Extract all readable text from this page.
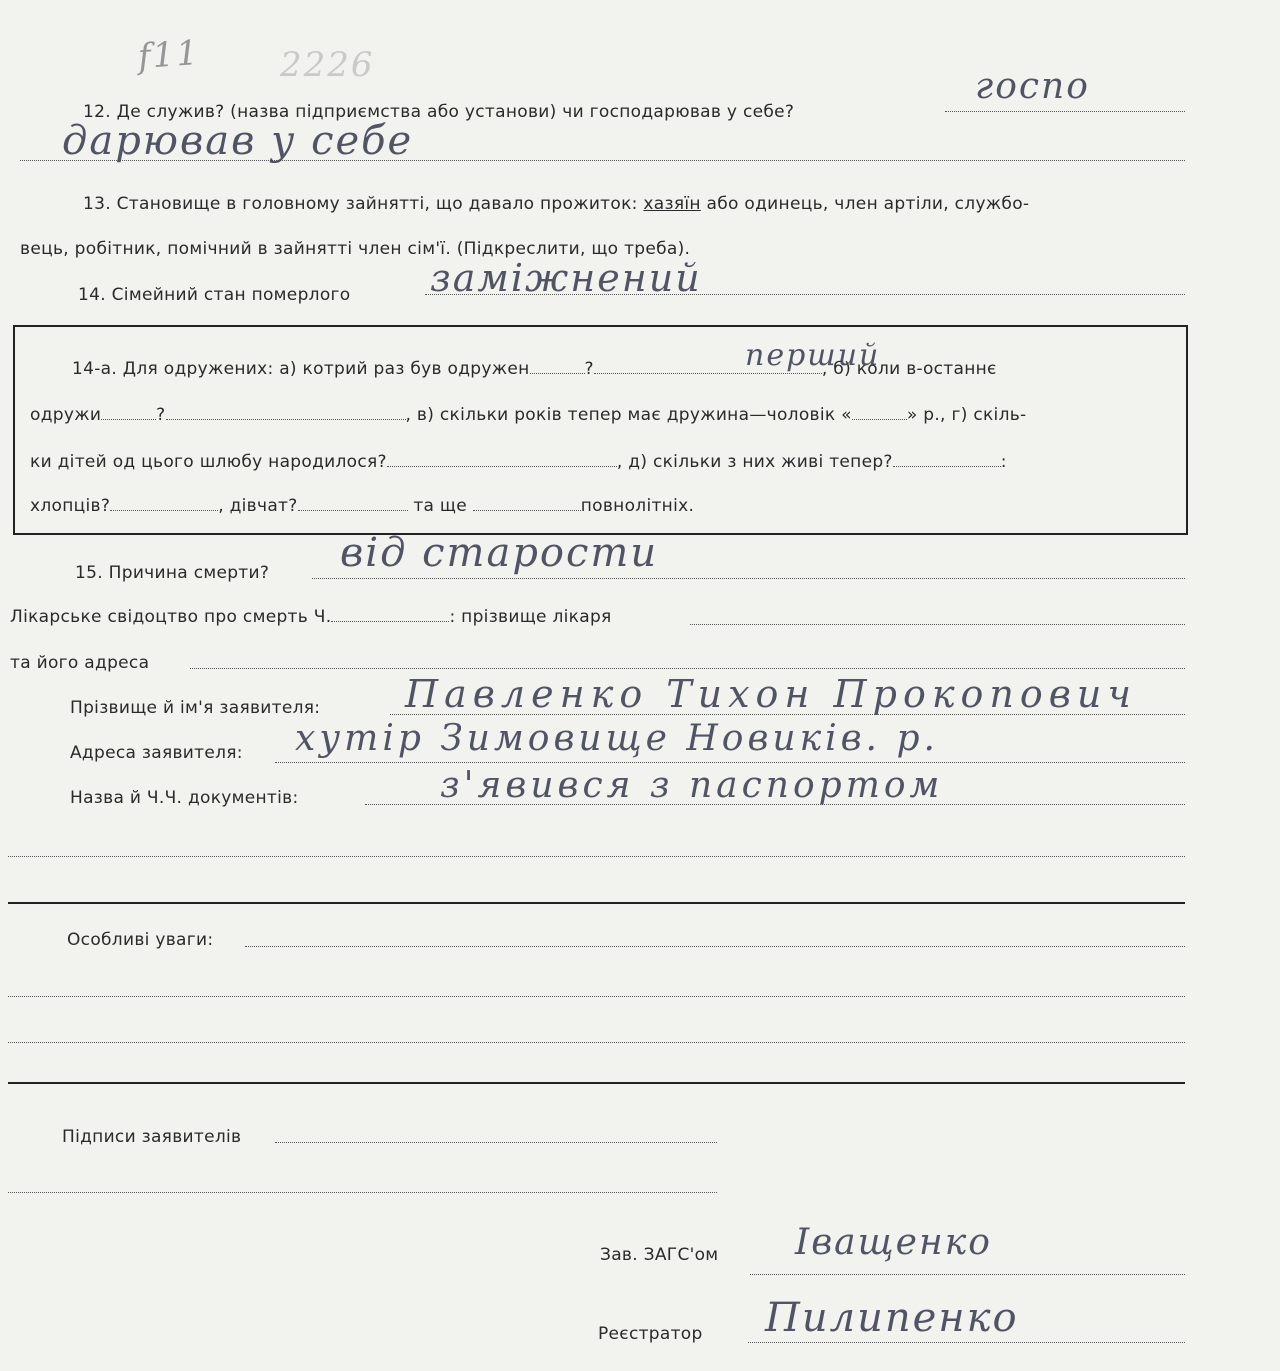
f11 2226
12. Де служив? (назва підприємства або установи) чи господарював у себе?
госпо
дарював у себе
13. Становище в головному зайнятті, що давало прожиток: хазяїн або одинець, член артіли, службо-
вець, робітник, помічний в зайнятті член сім'ї. (Підкреслити, що треба).
14. Сімейний стан померлого заміжнений
14-а. Для одружених: а) котрий раз був одружен	?	, б) коли в-останнє
перший
одружи	?	, в) скільки років тепер має дружина—чоловік «	» р., г) скіль-
ки дітей од цього шлюбу народилося?	, д) скільки з них живі тепер?	:
хлопців?	, дівчат?	та ще	повнолітніх.
15. Причина смерти? від старости
Лікарське свідоцтво про смерть Ч.	: прізвище лікаря
та його адреса
Прізвище й ім'я заявителя: Павленко Тихон Прокопович
Адреса заявителя: хутір Зимовище Новиків. р.
Назва й Ч.Ч. документів:	з'явився з паспортом
Особливі уваги:
Підписи заявителів
Зав. ЗАГС'ом Іващенко
Реєстратор Пилипенко
